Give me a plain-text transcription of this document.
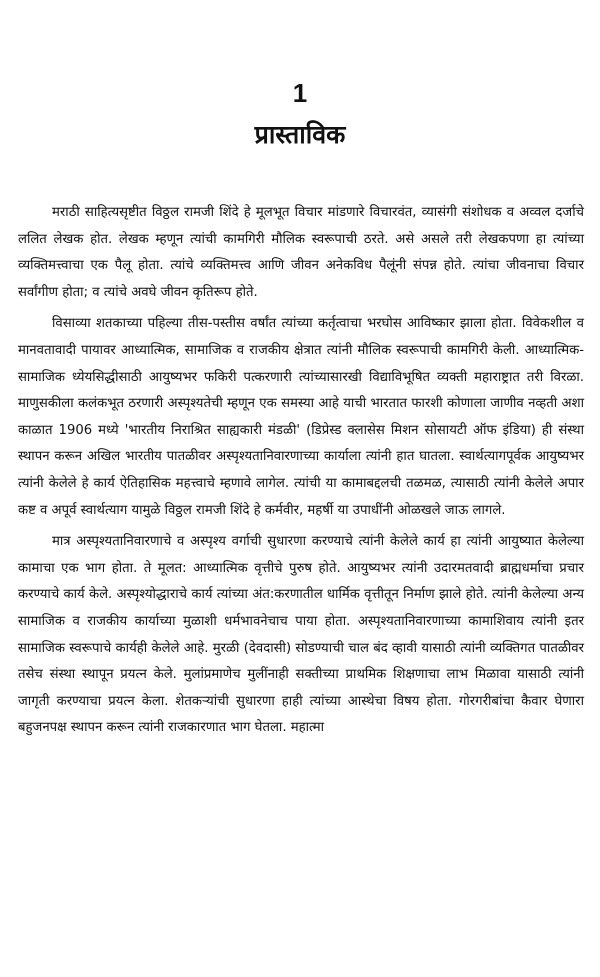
1
प्रास्ताविक

मराठी साहित्यसृष्टीत विठ्ठल रामजी शिंदे हे मूलभूत विचार मांडणारे विचारवंत, व्यासंगी संशोधक व अव्वल दर्जाचे ललित लेखक होत. लेखक म्हणून त्यांची कामगिरी मौलिक स्वरूपाची ठरते. असे असले तरी लेखकपणा हा त्यांच्या व्यक्तिमत्त्वाचा एक पैलू होता. त्यांचे व्यक्तिमत्त्व आणि जीवन अनेकविध पैलूंनी संपन्न होते. त्यांचा जीवनाचा विचार सर्वांगीण होता; व त्यांचे अवघे जीवन कृतिरूप होते.

विसाव्या शतकाच्या पहिल्या तीस-पस्तीस वर्षांत त्यांच्या कर्तृत्वाचा भरघोस आविष्कार झाला होता. विवेकशील व मानवतावादी पायावर आध्यात्मिक, सामाजिक व राजकीय क्षेत्रात त्यांनी मौलिक स्वरूपाची कामगिरी केली. आध्यात्मिक-सामाजिक ध्येयसिद्धीसाठी आयुष्यभर फकिरी पत्करणारी त्यांच्यासारखी विद्याविभूषित व्यक्ती महाराष्ट्रात तरी विरळा. माणुसकीला कलंकभूत ठरणारी अस्पृश्यतेची म्हणून एक समस्या आहे याची भारतात फारशी कोणाला जाणीव नव्हती अशा काळात 1906 मध्ये 'भारतीय निराश्रित साह्यकारी मंडळी' (डिप्रेस्ड क्लासेस मिशन सोसायटी ऑफ इंडिया) ही संस्था स्थापन करून अखिल भारतीय पातळीवर अस्पृश्यतानिवारणाच्या कार्याला त्यांनी हात घातला. स्वार्थत्यागपूर्वक आयुष्यभर त्यांनी केलेले हे कार्य ऐतिहासिक महत्त्वाचे म्हणावे लागेल. त्यांची या कामाबद्दलची तळमळ, त्यासाठी त्यांनी केलेले अपार कष्ट व अपूर्व स्वार्थत्याग यामुळे विठ्ठल रामजी शिंदे हे कर्मवीर, महर्षी या उपाधींनी ओळखले जाऊ लागले.

मात्र अस्पृश्यतानिवारणाचे व अस्पृश्य वर्गाची सुधारणा करण्याचे त्यांनी केलेले कार्य हा त्यांनी आयुष्यात केलेल्या कामाचा एक भाग होता. ते मूलत: आध्यात्मिक वृत्तीचे पुरुष होते. आयुष्यभर त्यांनी उदारमतवादी ब्राह्मधर्माचा प्रचार करण्याचे कार्य केले. अस्पृश्योद्धाराचे कार्य त्यांच्या अंत:करणातील धार्मिक वृत्तीतून निर्माण झाले होते. त्यांनी केलेल्या अन्य सामाजिक व राजकीय कार्याच्या मुळाशी धर्मभावनेचाच पाया होता. अस्पृश्यतानिवारणाच्या कामाशिवाय त्यांनी इतर सामाजिक स्वरूपाचे कार्यही केलेले आहे. मुरळी (देवदासी) सोडण्याची चाल बंद व्हावी यासाठी त्यांनी व्यक्तिगत पातळीवर तसेच संस्था स्थापून प्रयत्न केले. मुलांप्रमाणेच मुलींनाही सक्तीच्या प्राथमिक शिक्षणाचा लाभ मिळावा यासाठी त्यांनी जागृती करण्याचा प्रयत्न केला. शेतकऱ्यांची सुधारणा हाही त्यांच्या आस्थेचा विषय होता. गोरगरीबांचा कैवार घेणारा बहुजनपक्ष स्थापन करून त्यांनी राजकारणात भाग घेतला. महात्मा
